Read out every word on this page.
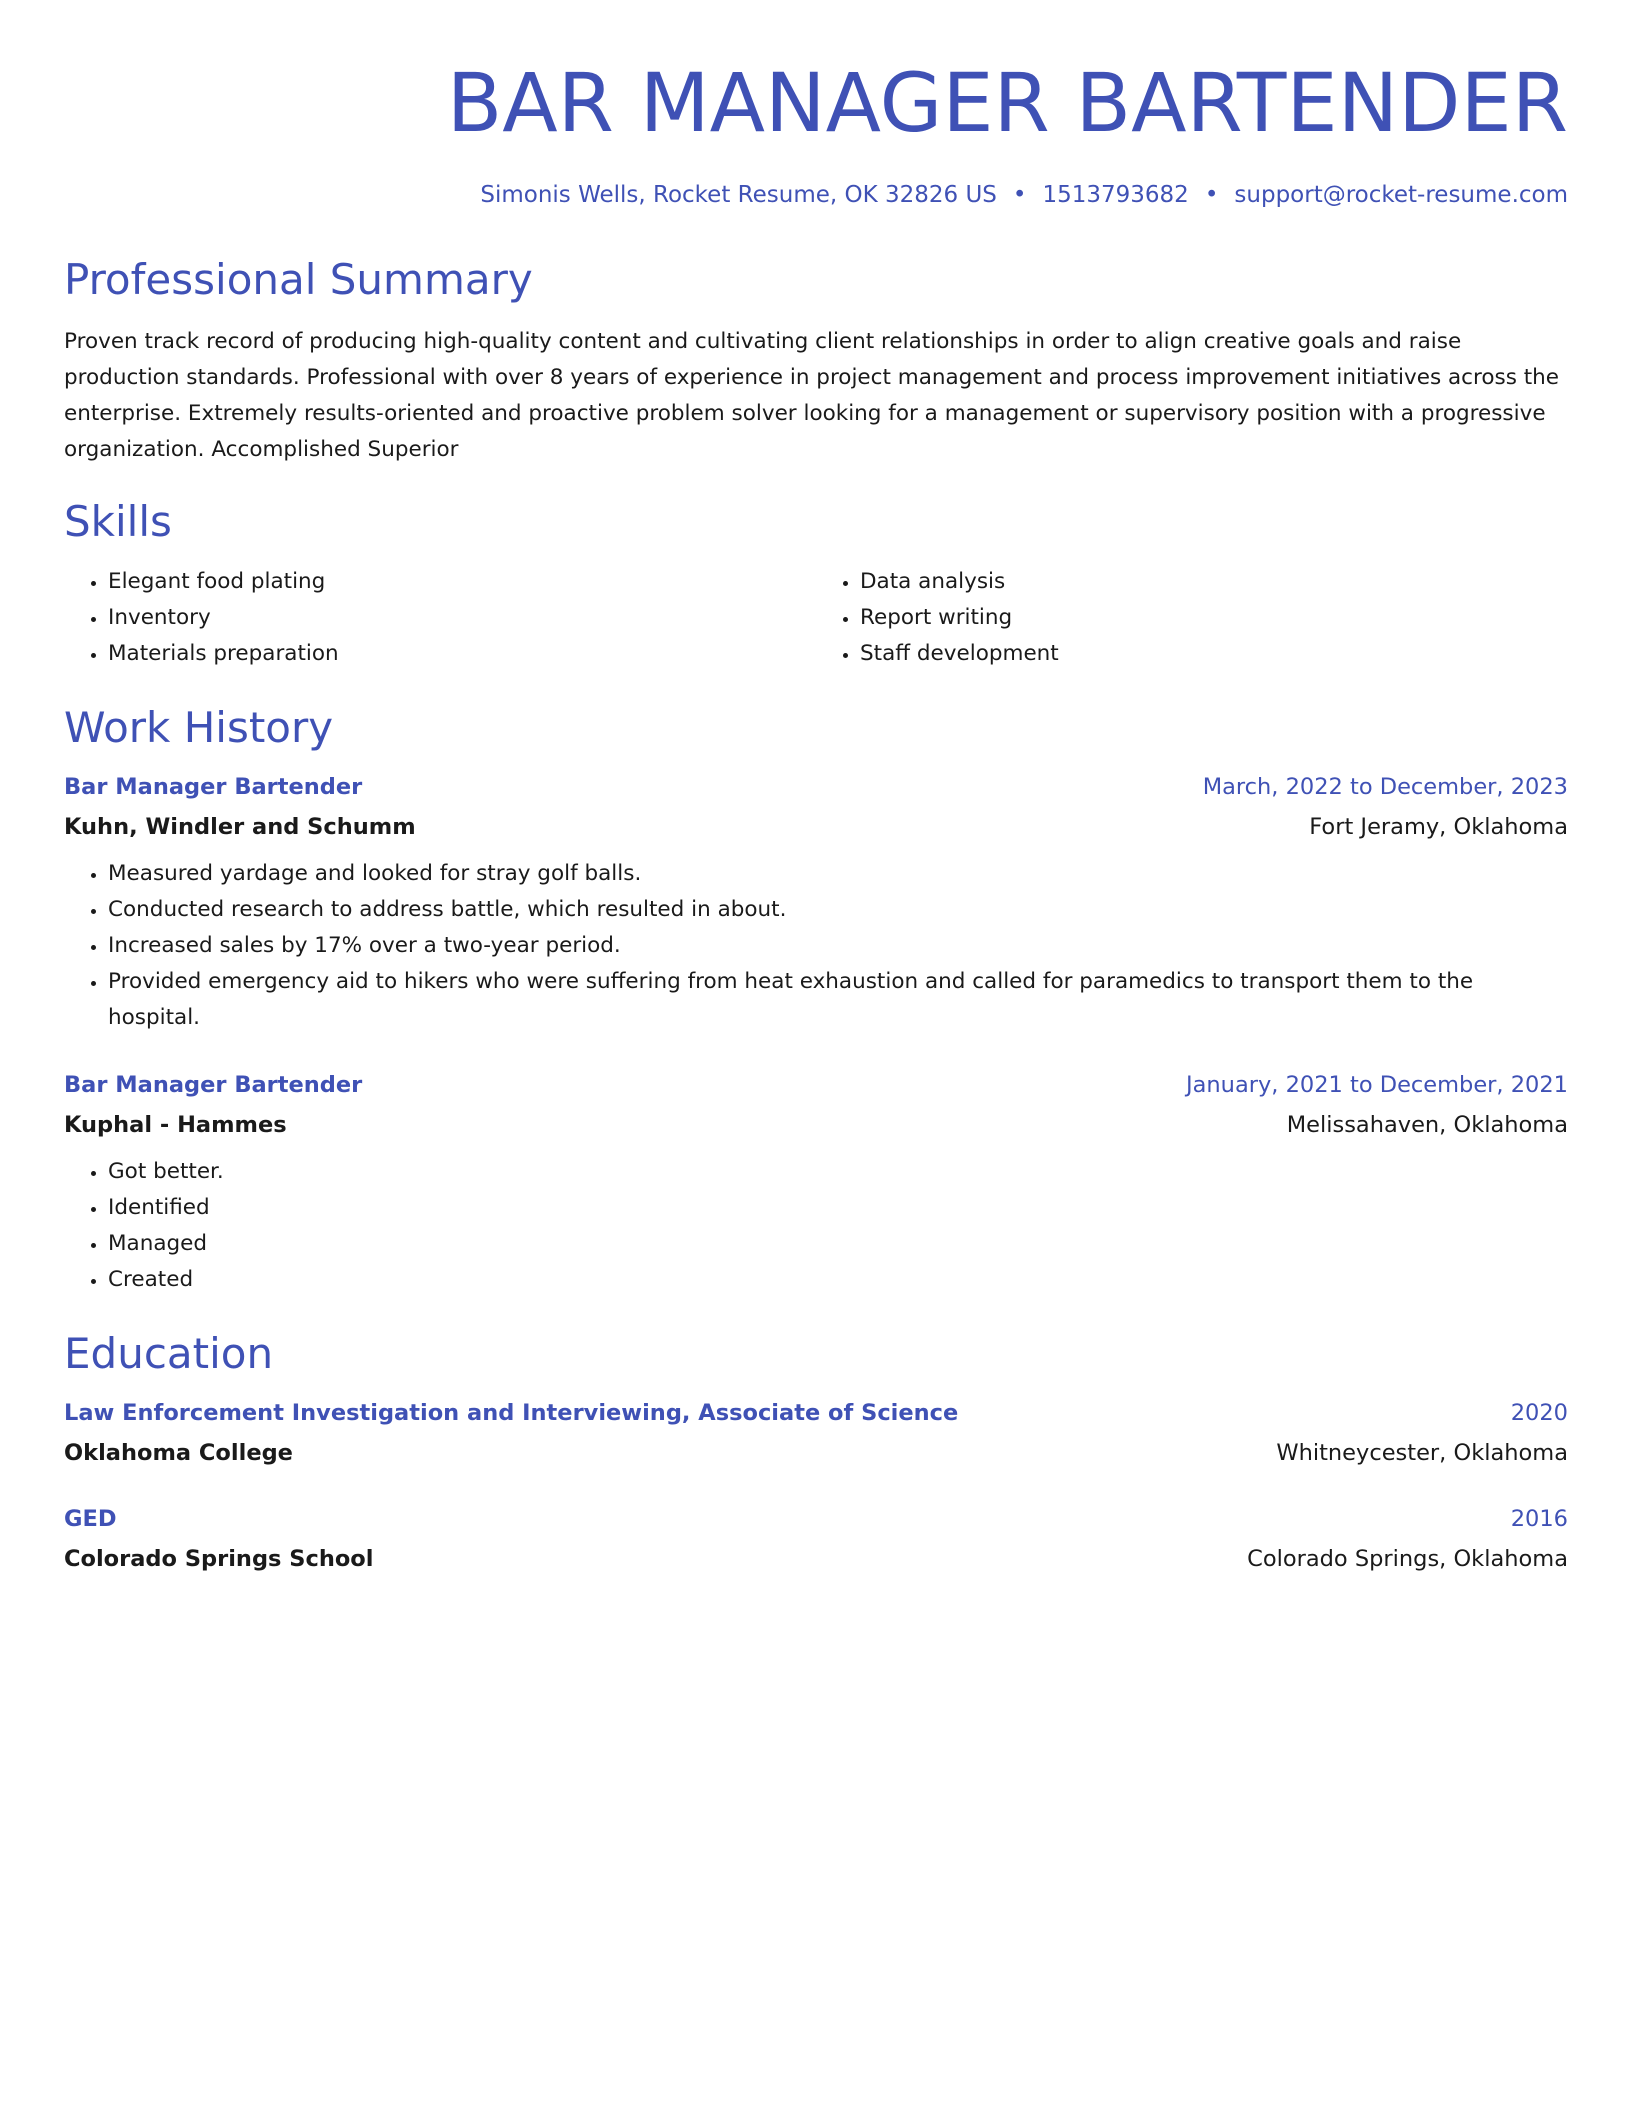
BAR MANAGER BARTENDER
Simonis Wells, Rocket Resume, OK 32826 US • 1513793682 • support@rocket-resume.com
Professional Summary
Proven track record of producing high-quality content and cultivating client relationships in order to align creative goals and raise production standards. Professional with over 8 years of experience in project management and process improvement initiatives across the enterprise. Extremely results-oriented and proactive problem solver looking for a management or supervisory position with a progressive organization. Accomplished Superior
Skills
• Elegant food plating
• Inventory
• Materials preparation
• Data analysis
• Report writing
• Staff development
Work History
Bar Manager Bartender	March, 2022 to December, 2023
Kuhn, Windler and Schumm	Fort Jeramy, Oklahoma
• Measured yardage and looked for stray golf balls.
• Conducted research to address battle, which resulted in about.
• Increased sales by 17% over a two-year period.
• Provided emergency aid to hikers who were suffering from heat exhaustion and called for paramedics to transport them to the hospital.
Bar Manager Bartender	January, 2021 to December, 2021
Kuphal - Hammes	Melissahaven, Oklahoma
• Got better.
• Identified
• Managed
• Created
Education
Law Enforcement Investigation and Interviewing, Associate of Science	2020
Oklahoma College	Whitneycester, Oklahoma
GED	2016
Colorado Springs School	Colorado Springs, Oklahoma
